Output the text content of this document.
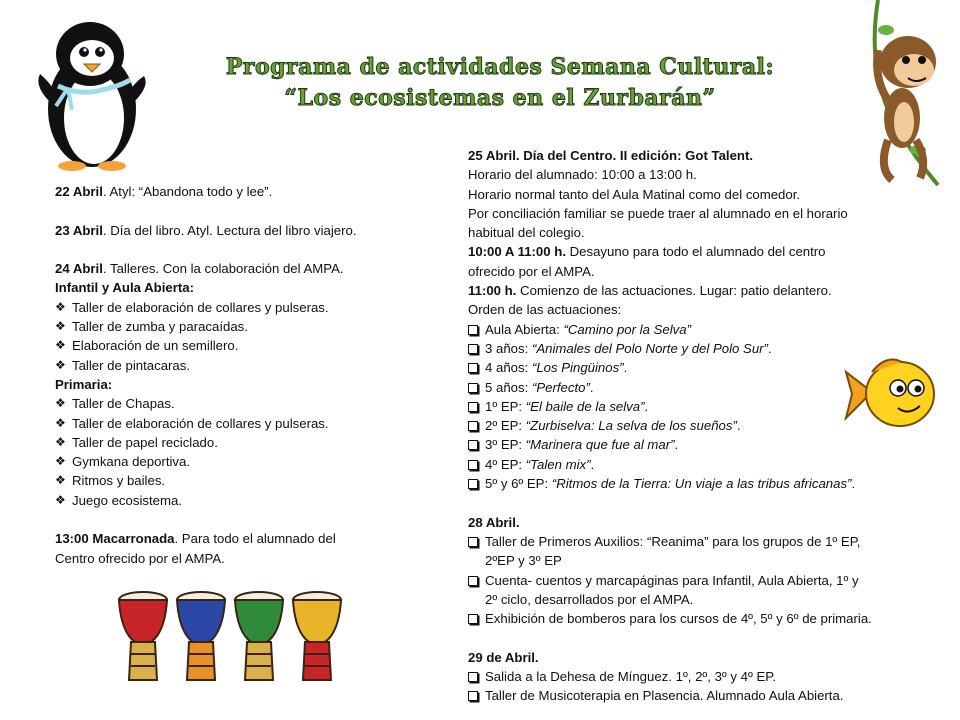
Programa de actividades Semana Cultural:
“Los ecosistemas en el Zurbarán”
22 Abril. Atyl: “Abandona todo y lee”.
23 Abril. Día del libro. Atyl. Lectura del libro viajero.
24 Abril. Talleres. Con la colaboración del AMPA.
Infantil y Aula Abierta:
❖ Taller de elaboración de collares y pulseras.
❖ Taller de zumba y paracaídas.
❖ Elaboración de un semillero.
❖ Taller de pintacaras.
Primaria:
❖ Taller de Chapas.
❖ Taller de elaboración de collares y pulseras.
❖ Taller de papel reciclado.
❖ Gymkana deportiva.
❖ Ritmos y bailes.
❖ Juego ecosistema.
13:00 Macarronada. Para todo el alumnado del
Centro ofrecido por el AMPA.
25 Abril. Día del Centro. II edición: Got Talent.
Horario del alumnado: 10:00 a 13:00 h.
Horario normal tanto del Aula Matinal como del comedor.
Por conciliación familiar se puede traer al alumnado en el horario
habitual del colegio.
10:00 A 11:00 h. Desayuno para todo el alumnado del centro
ofrecido por el AMPA.
11:00 h. Comienzo de las actuaciones. Lugar: patio delantero.
Orden de las actuaciones:
Aula Abierta: “Camino por la Selva”
3 años: “Animales del Polo Norte y del Polo Sur”.
4 años: “Los Pingüinos”.
5 años: “Perfecto”.
1º EP: “El baile de la selva”.
2º EP: “Zurbiselva: La selva de los sueños”.
3º EP: “Marinera que fue al mar”.
4º EP: “Talen mix”.
5º y 6º EP: “Ritmos de la Tierra: Un viaje a las tribus africanas”.
28 Abril.
Taller de Primeros Auxilios: “Reanima” para los grupos de 1º EP,
2ºEP y 3º EP
Cuenta- cuentos y marcapáginas para Infantil, Aula Abierta, 1º y
2º ciclo, desarrollados por el AMPA.
Exhibición de bomberos para los cursos de 4º, 5º y 6º de primaria.
29 de Abril.
Salida a la Dehesa de Mínguez. 1º, 2º, 3º y 4º EP.
Taller de Musicoterapia en Plasencia. Alumnado Aula Abierta.
